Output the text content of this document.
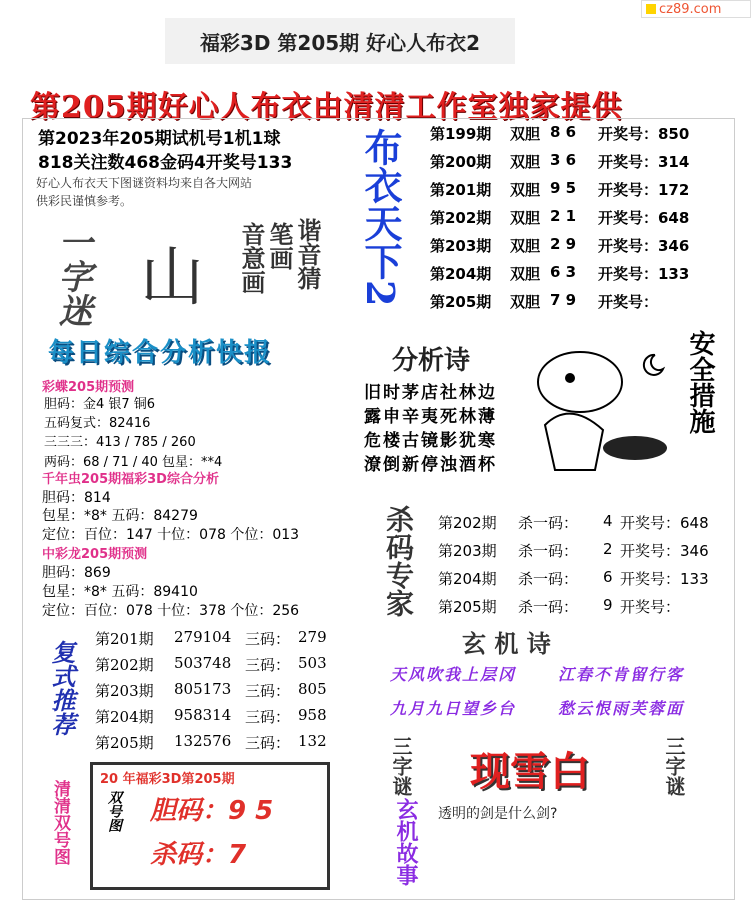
cz89.com
福彩3D 第205期 好心人布衣2
第205期好心人布衣由清清工作室独家提供
第2023年205期试机号1机1球
818关注数468金码4开奖号133
好心人布衣天下图谜资料均来自各大网站
供彩民谨慎参考。	布衣天下2
一字迷 山	谐音猜
笔画
音意画
每日综合分析快报
彩蝶205期预测
胆码：金4 银7 铜6
五码复式：82416
三三三：413 / 785 / 260
两码：68 / 71 / 40 包星：**4
千年虫205期福彩3D综合分析
胆码：814
包星：*8* 五码：84279
定位：百位：147 十位：078 个位：013
中彩龙205期预测
胆码：869
包星：*8* 五码：89410
定位：百位：078 十位：378 个位：256
分析诗	安全措施
杀码专家
复式推荐	玄 机 诗
天风吹我上层冈	江春不肯留行客
九月九日望乡台	愁云恨雨芙蓉面
清清双号图
20 年福彩3D第205期
双号图 胆码：9 5
杀码：7
三字谜	三字谜
现雪白
玄机故事 透明的剑是什么剑?
第199期 双胆 8 6 开奖号：850
第200期 双胆 3 6 开奖号：314
第201期 双胆 9 5 开奖号：172
第202期 双胆 2 1 开奖号：648
第203期 双胆 2 9 开奖号：346
第204期 双胆 6 3 开奖号：133
第205期 双胆 7 9 开奖号：
旧时茅店社林边
露申辛夷死林薄
危楼古镜影犹寒
潦倒新停浊酒杯
第202期 杀一码： 4 开奖号：648
第203期 杀一码： 2 开奖号：346
第204期 杀一码： 6 开奖号：133
第205期 杀一码： 9 开奖号：
第201期 279104 三码： 279
第202期 503748 三码： 503
第203期 805173 三码： 805
第204期 958314 三码： 958
第205期 132576 三码： 132
